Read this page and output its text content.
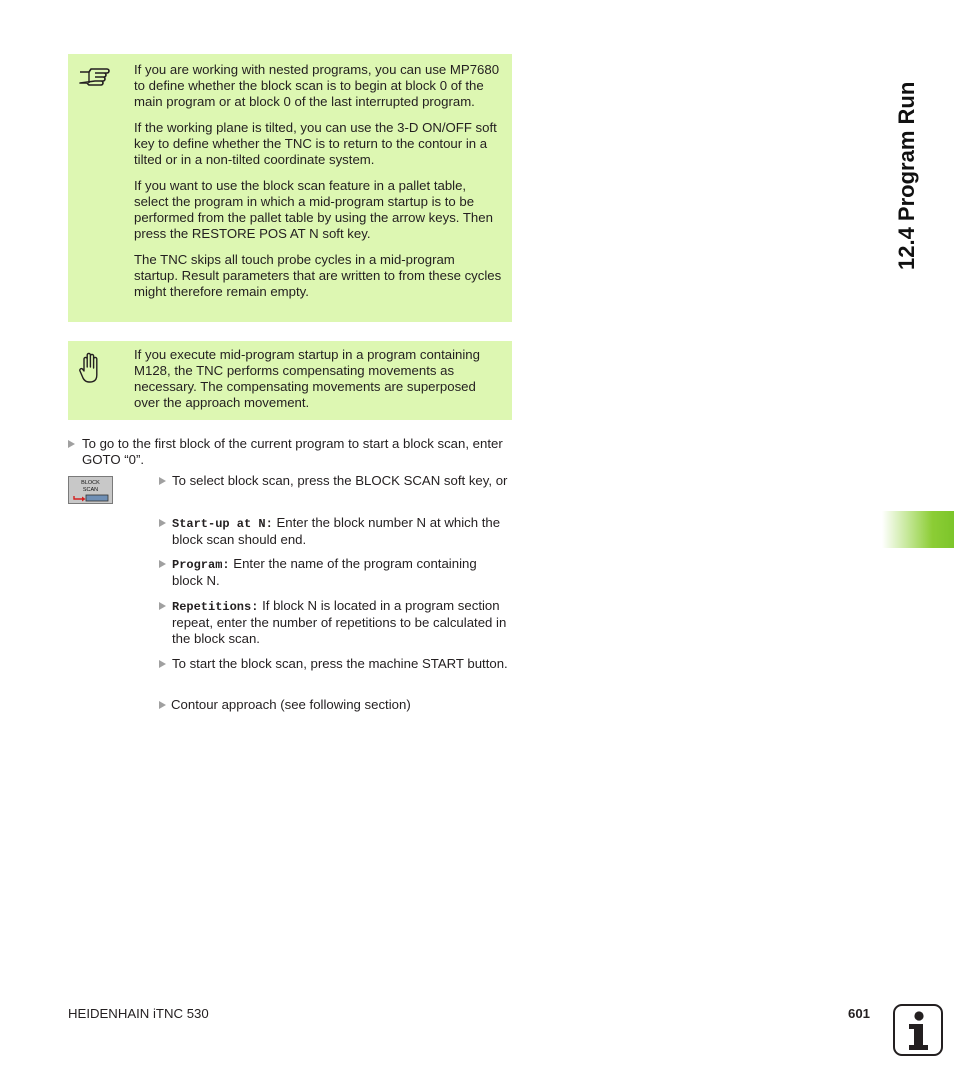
12.4 Program Run

If you are working with nested programs, you can use MP7680 to define whether the block scan is to begin at block 0 of the main program or at block 0 of the last interrupted program.

If the working plane is tilted, you can use the 3-D ON/OFF soft key to define whether the TNC is to return to the contour in a tilted or in a non-tilted coordinate system.

If you want to use the block scan feature in a pallet table, select the program in which a mid-program startup is to be performed from the pallet table by using the arrow keys. Then press the RESTORE POS AT N soft key.

The TNC skips all touch probe cycles in a mid-program startup. Result parameters that are written to from these cycles might therefore remain empty.

If you execute mid-program startup in a program containing M128, the TNC performs compensating movements as necessary. The compensating movements are superposed over the approach movement.

To go to the first block of the current program to start a block scan, enter GOTO “0”.
BLOCK
SCAN
To select block scan, press the BLOCK SCAN soft key, or
Start-up at N: Enter the block number N at which the block scan should end.
Program: Enter the name of the program containing block N.
Repetitions: If block N is located in a program section repeat, enter the number of repetitions to be calculated in the block scan.
To start the block scan, press the machine START button.
Contour approach (see following section)
HEIDENHAIN iTNC 530	601
